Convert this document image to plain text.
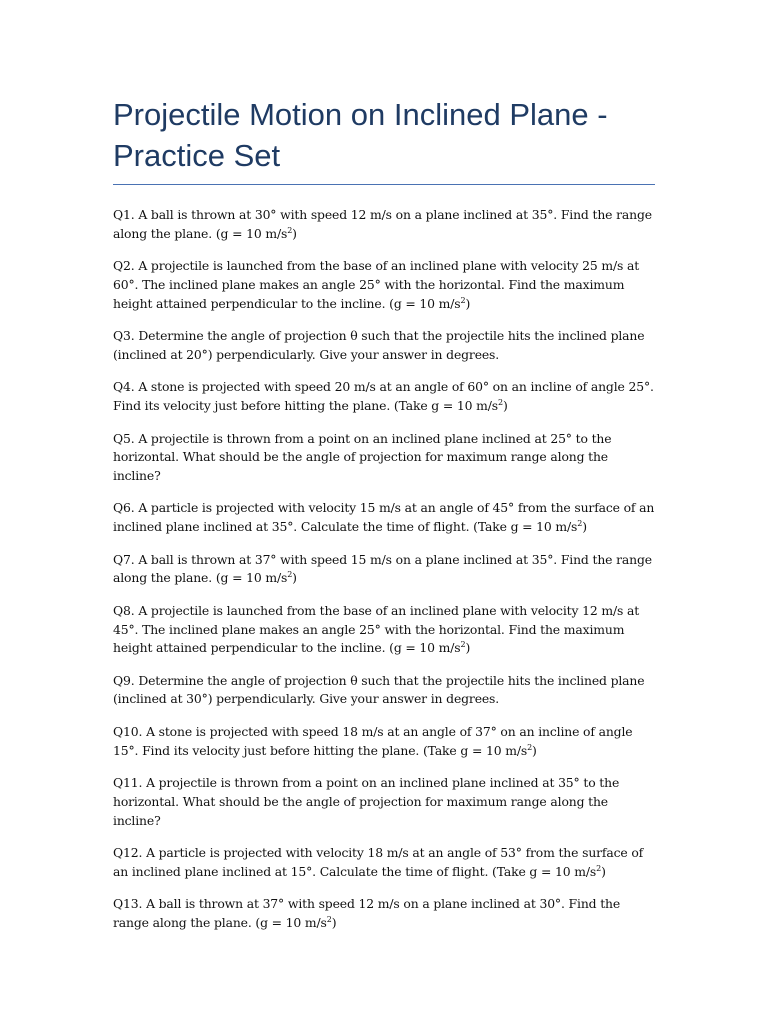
Projectile Motion on Inclined Plane - Practice Set

Q1. A ball is thrown at 30° with speed 12 m/s on a plane inclined at 35°. Find the range along the plane. (g = 10 $m/s^2$)

Q2. A projectile is launched from the base of an inclined plane with velocity 25 m/s at 60°. The inclined plane makes an angle 25° with the horizontal. Find the maximum height attained perpendicular to the incline. (g = 10 $m/s^2$)

Q3. Determine the angle of projection θ such that the projectile hits the inclined plane (inclined at 20°) perpendicularly. Give your answer in degrees.

Q4. A stone is projected with speed 20 m/s at an angle of 60° on an incline of angle 25°. Find its velocity just before hitting the plane. (Take g = 10 $m/s^2$)

Q5. A projectile is thrown from a point on an inclined plane inclined at 25° to the horizontal. What should be the angle of projection for maximum range along the incline?

Q6. A particle is projected with velocity 15 m/s at an angle of 45° from the surface of an inclined plane inclined at 35°. Calculate the time of flight. (Take g = 10 $m/s^2$)

Q7. A ball is thrown at 37° with speed 15 m/s on a plane inclined at 35°. Find the range along the plane. (g = 10 $m/s^2$)

Q8. A projectile is launched from the base of an inclined plane with velocity 12 m/s at 45°. The inclined plane makes an angle 25° with the horizontal. Find the maximum height attained perpendicular to the incline. (g = 10 $m/s^2$)

Q9. Determine the angle of projection θ such that the projectile hits the inclined plane (inclined at 30°) perpendicularly. Give your answer in degrees.

Q10. A stone is projected with speed 18 m/s at an angle of 37° on an incline of angle 15°. Find its velocity just before hitting the plane. (Take g = 10 $m/s^2$)

Q11. A projectile is thrown from a point on an inclined plane inclined at 35° to the horizontal. What should be the angle of projection for maximum range along the incline?

Q12. A particle is projected with velocity 18 m/s at an angle of 53° from the surface of an inclined plane inclined at 15°. Calculate the time of flight. (Take g = 10 $m/s^2$)

Q13. A ball is thrown at 37° with speed 12 m/s on a plane inclined at 30°. Find the range along the plane. (g = 10 $m/s^2$)
